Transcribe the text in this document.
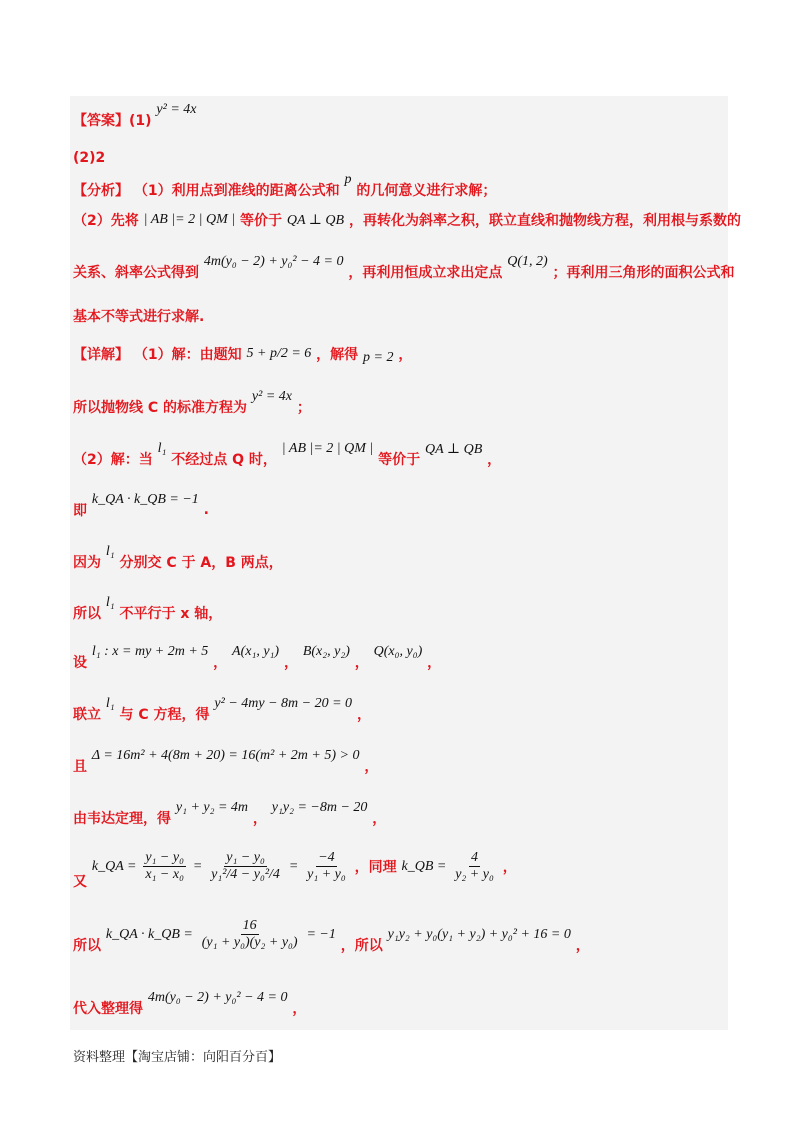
【答案】(1) y² = 4x
(2)2
【分析】 （1）利用点到准线的距离公式和 p 的几何意义进行求解；
（2）先将 | AB |= 2 | QM | 等价于 QA ⊥ QB ，再转化为斜率之积，联立直线和抛物线方程，利用根与系数的
关系、斜率公式得到 4m(y₀ − 2) + y₀² − 4 = 0 ，再利用恒成立求出定点 Q(1, 2) ；再利用三角形的面积公式和
基本不等式进行求解.
【详解】 （1）解：由题知 5 + p/2 = 6 ，解得 p = 2 ，
所以抛物线 C 的标准方程为 y² = 4x ；
（2）解：当 l₁ 不经过点 Q 时， | AB |= 2 | QM | 等价于 QA ⊥ QB ，
即 k_QA · k_QB = −1 .
因为 l₁ 分别交 C 于 A，B 两点，
所以 l₁ 不平行于 x 轴，
设 l₁ : x = my + 2m + 5 ， A(x₁, y₁) ， B(x₂, y₂) ， Q(x₀, y₀) ，
联立 l₁ 与 C 方程，得 y² − 4my − 8m − 20 = 0 ，
且 Δ = 16m² + 4(8m + 20) = 16(m² + 2m + 5) > 0 ，
由韦达定理，得 y₁ + y₂ = 4m ， y₁y₂ = −8m − 20 ，
又 k_QA = $\frac{\text{y₁ − y₀}}{\text{x₁ − x₀}} = \frac{\text{y₁ − y₀}}{\text{y₁²/4 − y₀²/4}} = \frac{-4}{\text{y₁ + y₀}}$ ，同理 k_QB = $\frac{4}{\text{y₂ + y₀}}$ ，
所以 k_QA · k_QB = $\frac{16}{\text{(y₁ + y₀)(y₂ + y₀)}} = -1$ ，所以 y₁y₂ + y₀(y₁ + y₂) + y₀² + 16 = 0 ，
代入整理得 4m(y₀ − 2) + y₀² − 4 = 0 ，
资料整理【淘宝店铺：向阳百分百】
